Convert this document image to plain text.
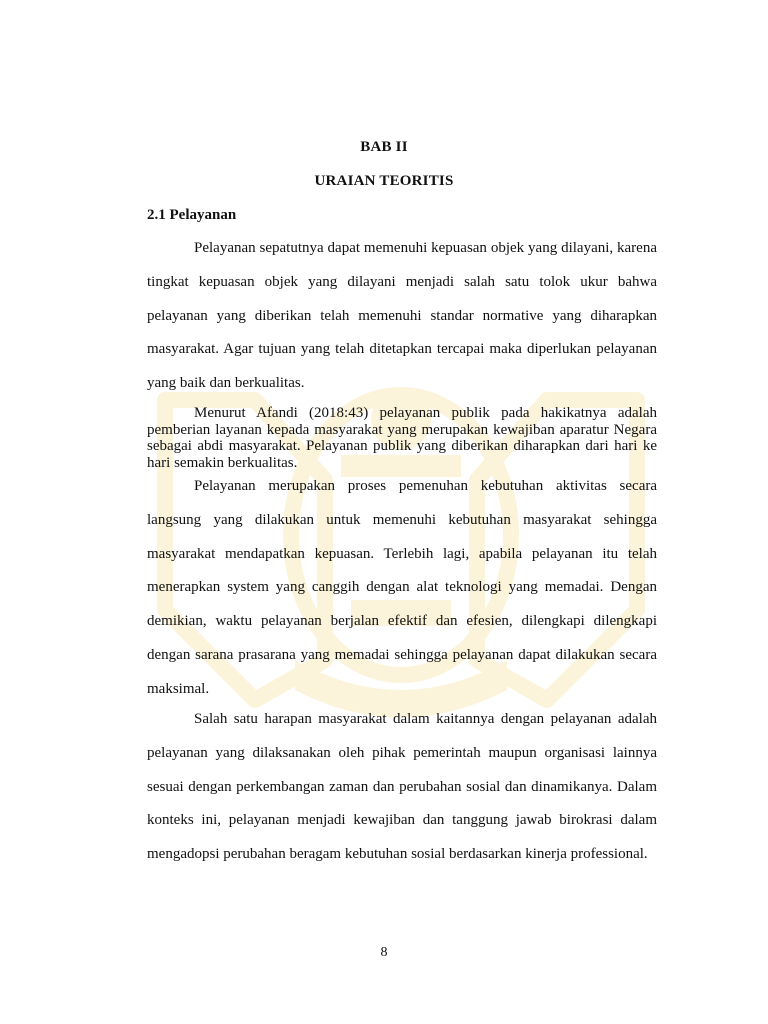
BAB II
URAIAN TEORITIS
2.1 Pelayanan

Pelayanan sepatutnya dapat memenuhi kepuasan objek yang dilayani, karena tingkat kepuasan objek yang dilayani menjadi salah satu tolok ukur bahwa pelayanan yang diberikan telah memenuhi standar normative yang diharapkan masyarakat. Agar tujuan yang telah ditetapkan tercapai maka diperlukan pelayanan yang baik dan berkualitas.

Menurut Afandi (2018:43) pelayanan publik pada hakikatnya adalah pemberian layanan kepada masyarakat yang merupakan kewajiban aparatur Negara sebagai abdi masyarakat. Pelayanan publik yang diberikan diharapkan dari hari ke hari semakin berkualitas.

Pelayanan merupakan proses pemenuhan kebutuhan aktivitas secara langsung yang dilakukan untuk memenuhi kebutuhan masyarakat sehingga masyarakat mendapatkan kepuasan. Terlebih lagi, apabila pelayanan itu telah menerapkan system yang canggih dengan alat teknologi yang memadai. Dengan demikian, waktu pelayanan berjalan efektif dan efesien, dilengkapi dilengkapi dengan sarana prasarana yang memadai sehingga pelayanan dapat dilakukan secara maksimal.

Salah satu harapan masyarakat dalam kaitannya dengan pelayanan adalah pelayanan yang dilaksanakan oleh pihak pemerintah maupun organisasi lainnya sesuai dengan perkembangan zaman dan perubahan sosial dan dinamikanya. Dalam konteks ini, pelayanan menjadi kewajiban dan tanggung jawab birokrasi dalam mengadopsi perubahan beragam kebutuhan sosial berdasarkan kinerja professional.

8
